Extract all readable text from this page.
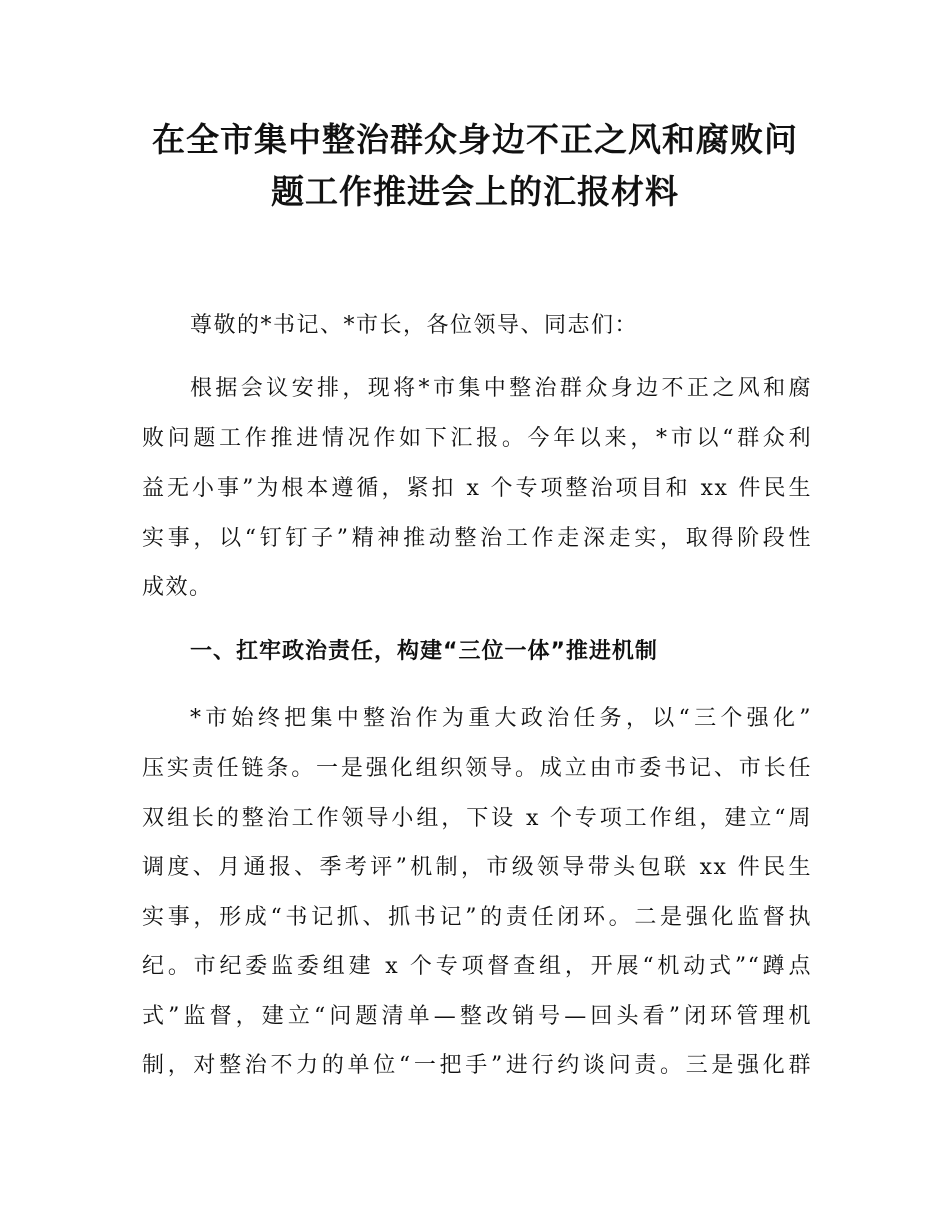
在全市集中整治群众身边不正之风和腐败问
题工作推进会上的汇报材料
尊敬的*书记、*市长，各位领导、同志们：
根据会议安排，现将*市集中整治群众身边不正之风和腐
败问题工作推进情况作如下汇报。今年以来，*市以“群众利
益无小事”为根本遵循，紧扣 x 个专项整治项目和 xx 件民生
实事，以“钉钉子”精神推动整治工作走深走实，取得阶段性
成效。
一、扛牢政治责任，构建“三位一体”推进机制
*市始终把集中整治作为重大政治任务，以“三个强化”
压实责任链条。一是强化组织领导。成立由市委书记、市长任
双组长的整治工作领导小组，下设 x 个专项工作组，建立“周
调度、月通报、季考评”机制，市级领导带头包联 xx 件民生
实事，形成“书记抓、抓书记”的责任闭环。二是强化监督执
纪。市纪委监委组建 x 个专项督查组，开展“机动式”“蹲点
式”监督，建立“问题清单—整改销号—回头看”闭环管理机
制，对整治不力的单位“一把手”进行约谈问责。三是强化群
